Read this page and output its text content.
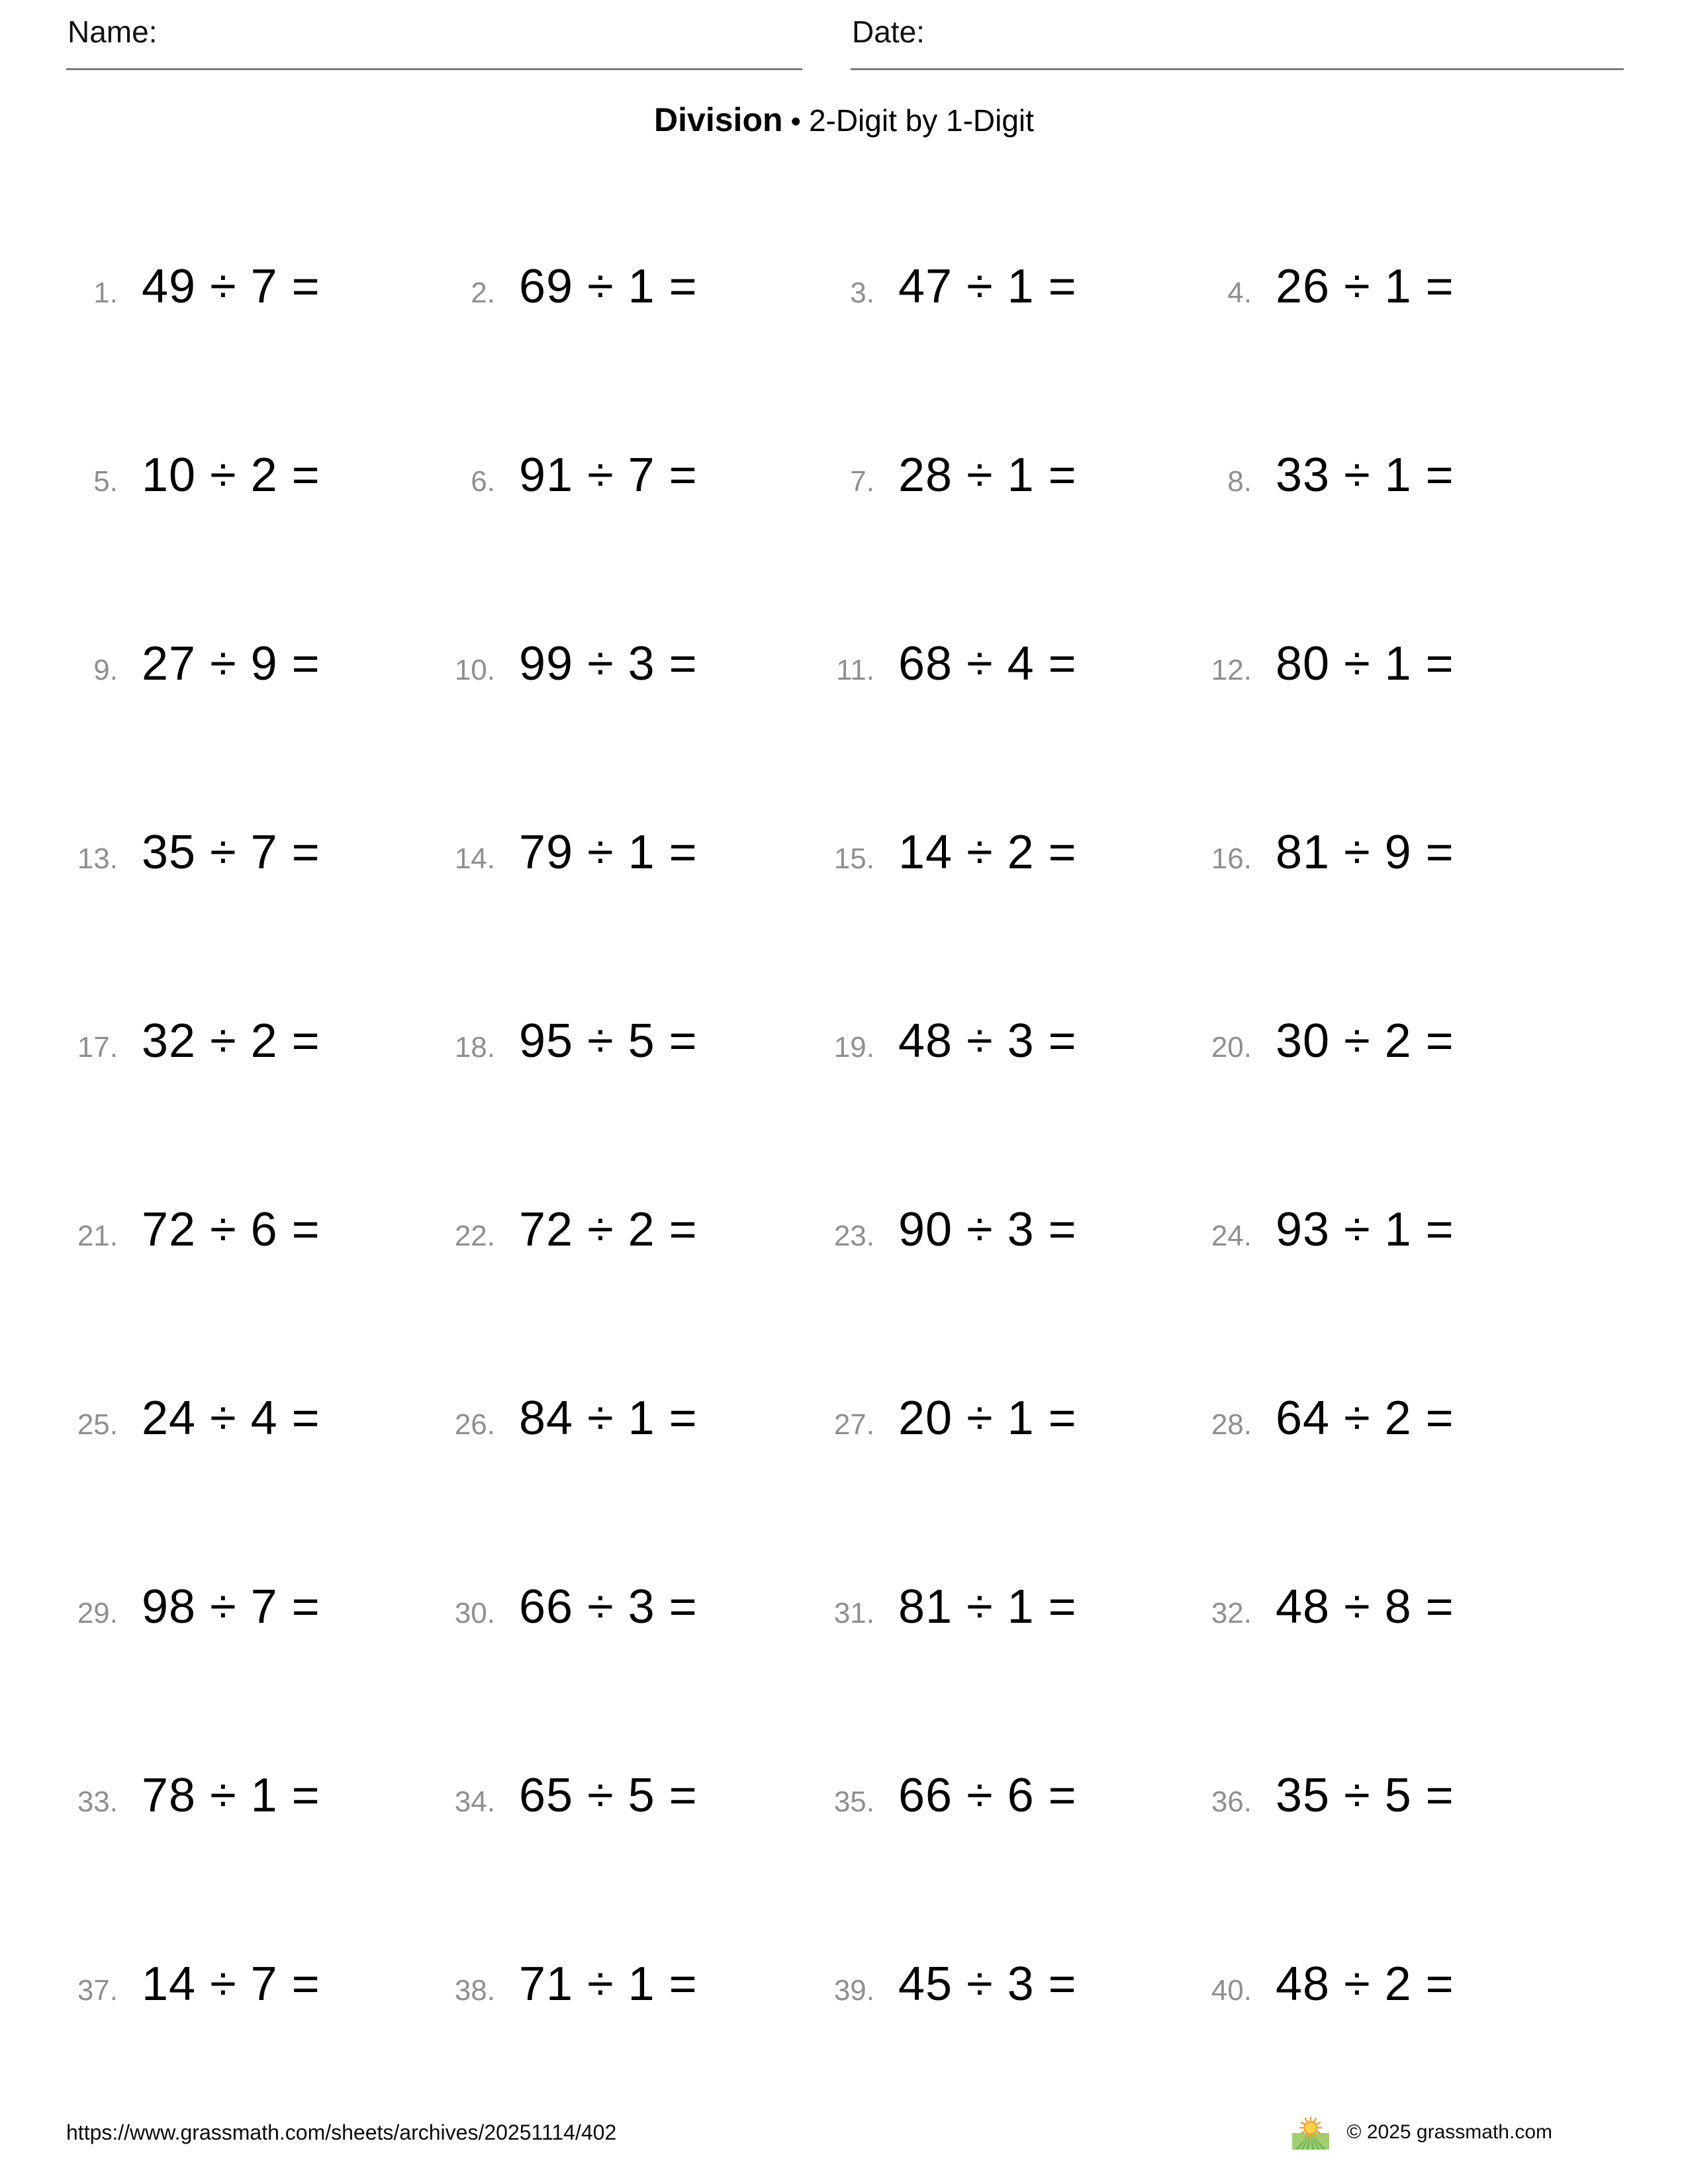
Name:	Date:
Division • 2-Digit by 1-Digit
1. 49 ÷ 7 =	2. 69 ÷ 1 =	3. 47 ÷ 1 =	4. 26 ÷ 1 =
5. 10 ÷ 2 =	6. 91 ÷ 7 =	7. 28 ÷ 1 =	8. 33 ÷ 1 =
9. 27 ÷ 9 =	10. 99 ÷ 3 =	11. 68 ÷ 4 =	12. 80 ÷ 1 =
13. 35 ÷ 7 =	14. 79 ÷ 1 =	15. 14 ÷ 2 =	16. 81 ÷ 9 =
17. 32 ÷ 2 =	18. 95 ÷ 5 =	19. 48 ÷ 3 =	20. 30 ÷ 2 =
21. 72 ÷ 6 =	22. 72 ÷ 2 =	23. 90 ÷ 3 =	24. 93 ÷ 1 =
25. 24 ÷ 4 =	26. 84 ÷ 1 =	27. 20 ÷ 1 =	28. 64 ÷ 2 =
29. 98 ÷ 7 =	30. 66 ÷ 3 =	31. 81 ÷ 1 =	32. 48 ÷ 8 =
33. 78 ÷ 1 =	34. 65 ÷ 5 =	35. 66 ÷ 6 =	36. 35 ÷ 5 =
37. 14 ÷ 7 =	38. 71 ÷ 1 =	39. 45 ÷ 3 =	40. 48 ÷ 2 =
https://www.grassmath.com/sheets/archives/20251114/402	© 2025 grassmath.com
